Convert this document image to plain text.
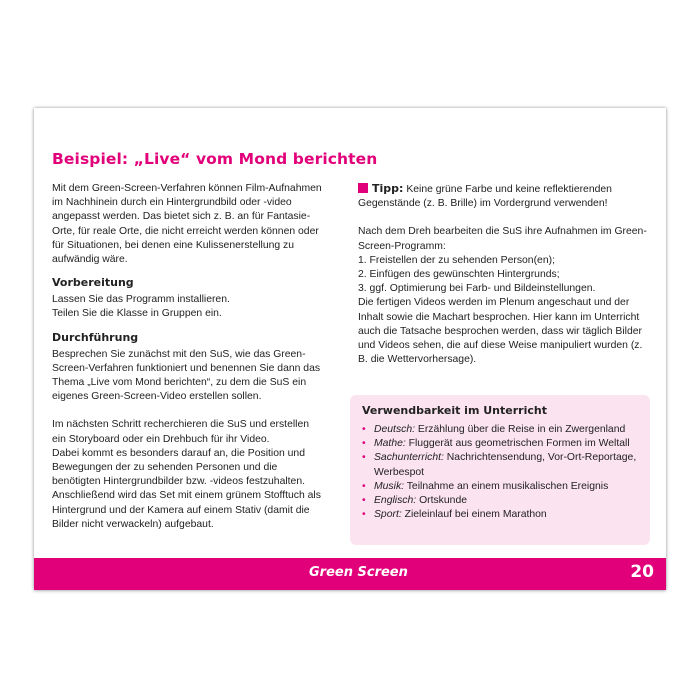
Beispiel: „Live“ vom Mond berichten

Mit dem Green-Screen-Verfahren können Film-Aufnahmen im Nachhinein durch ein Hintergrundbild oder -video angepasst werden. Das bietet sich z. B. an für Fantasie-Orte, für reale Orte, die nicht erreicht werden können oder für Situationen, bei denen eine Kulissenerstellung zu aufwändig wäre.

Vorbereitung

Lassen Sie das Programm installieren.

Teilen Sie die Klasse in Gruppen ein.

Durchführung

Besprechen Sie zunächst mit den SuS, wie das Green-Screen-Verfahren funktioniert und benennen Sie dann das Thema „Live vom Mond berichten“, zu dem die SuS ein eigenes Green-Screen-Video erstellen sollen.

Im nächsten Schritt recherchieren die SuS und erstellen ein Storyboard oder ein Drehbuch für ihr Video.

Dabei kommt es besonders darauf an, die Position und Bewegungen der zu sehenden Personen und die benötigten Hintergrundbilder bzw. -videos festzuhalten. Anschließend wird das Set mit einem grünem Stofftuch als Hintergrund und der Kamera auf einem Stativ (damit die Bilder nicht verwackeln) aufgebaut.

Tipp: Keine grüne Farbe und keine reflektierenden Gegenstände (z. B. Brille) im Vordergrund verwenden!

Nach dem Dreh bearbeiten die SuS ihre Aufnahmen im Green-Screen-Programm:

1. Freistellen der zu sehenden Person(en);

2. Einfügen des gewünschten Hintergrunds;

3. ggf. Optimierung bei Farb- und Bildeinstellungen.

Die fertigen Videos werden im Plenum angeschaut und der Inhalt sowie die Machart besprochen. Hier kann im Unterricht auch die Tatsache besprochen werden, dass wir täglich Bilder und Videos sehen, die auf diese Weise manipuliert wurden (z. B. die Wettervorhersage).

Verwendbarkeit im Unterricht
• Deutsch: Erzählung über die Reise in ein Zwergenland
• Mathe: Fluggerät aus geometrischen Formen im Weltall
• Sachunterricht: Nachrichtensendung, Vor-Ort-Reportage, Werbespot
• Musik: Teilnahme an einem musikalischen Ereignis
• Englisch: Ortskunde
• Sport: Zieleinlauf bei einem Marathon
Green Screen	20
